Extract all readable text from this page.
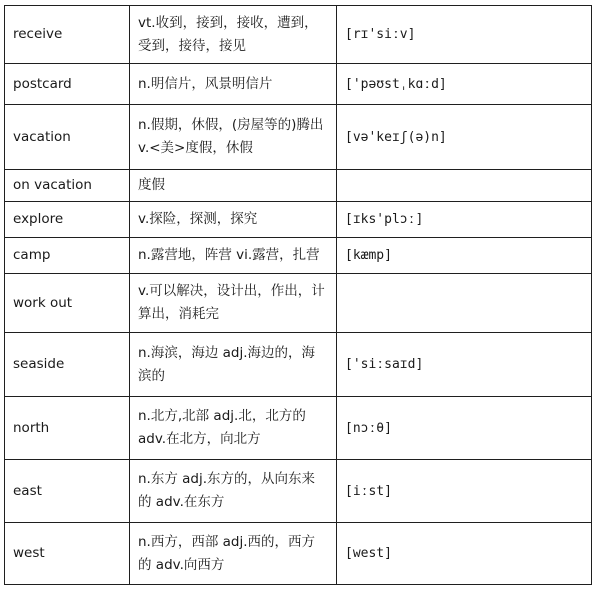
receive	vt.收到，接到，接收，遭到，受到，接待，接见	[rɪ'siːv]
postcard	n.明信片，风景明信片	['pəʊstˌkɑːd]
vacation	n.假期，休假，(房屋等的)腾出 v.<美>度假，休假	[və'keɪʃ(ə)n]
on vacation	度假	
explore	v.探险，探测，探究	[ɪks'plɔː]
camp	n.露营地，阵营 vi.露营，扎营	[kæmp]
work out	v.可以解决，设计出，作出，计算出，消耗完	
seaside	n.海滨，海边 adj.海边的，海滨的	['siːsaɪd]
north	n.北方,北部 adj.北，北方的 adv.在北方，向北方	[nɔːθ]
east	n.东方 adj.东方的，从向东来的 adv.在东方	[iːst]
west	n.西方，西部 adj.西的，西方的 adv.向西方	[west]
